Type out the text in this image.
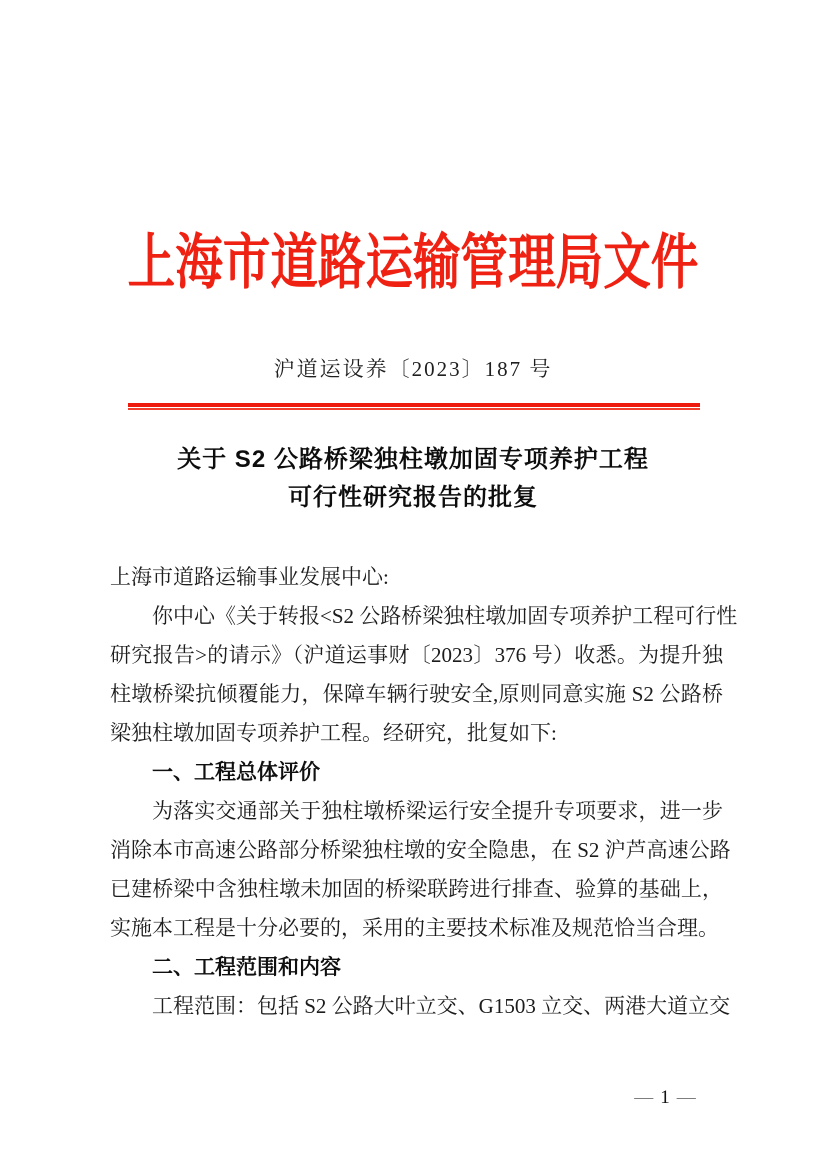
上海市道路运输管理局文件
沪道运设养〔2023〕187 号
关于 S2 公路桥梁独柱墩加固专项养护工程
可行性研究报告的批复
上海市道路运输事业发展中心:
你中心《关于转报<S2 公路桥梁独柱墩加固专项养护工程可行性
研究报告>的请示》（沪道运事财〔2023〕376 号）收悉。为提升独
柱墩桥梁抗倾覆能力，保障车辆行驶安全,原则同意实施 S2 公路桥
梁独柱墩加固专项养护工程。经研究，批复如下:
一、工程总体评价
为落实交通部关于独柱墩桥梁运行安全提升专项要求，进一步
消除本市高速公路部分桥梁独柱墩的安全隐患，在 S2 沪芦高速公路
已建桥梁中含独柱墩未加固的桥梁联跨进行排查、验算的基础上，
实施本工程是十分必要的，采用的主要技术标准及规范恰当合理。
二、工程范围和内容
工程范围：包括 S2 公路大叶立交、G1503 立交、两港大道立交
— 1 —
